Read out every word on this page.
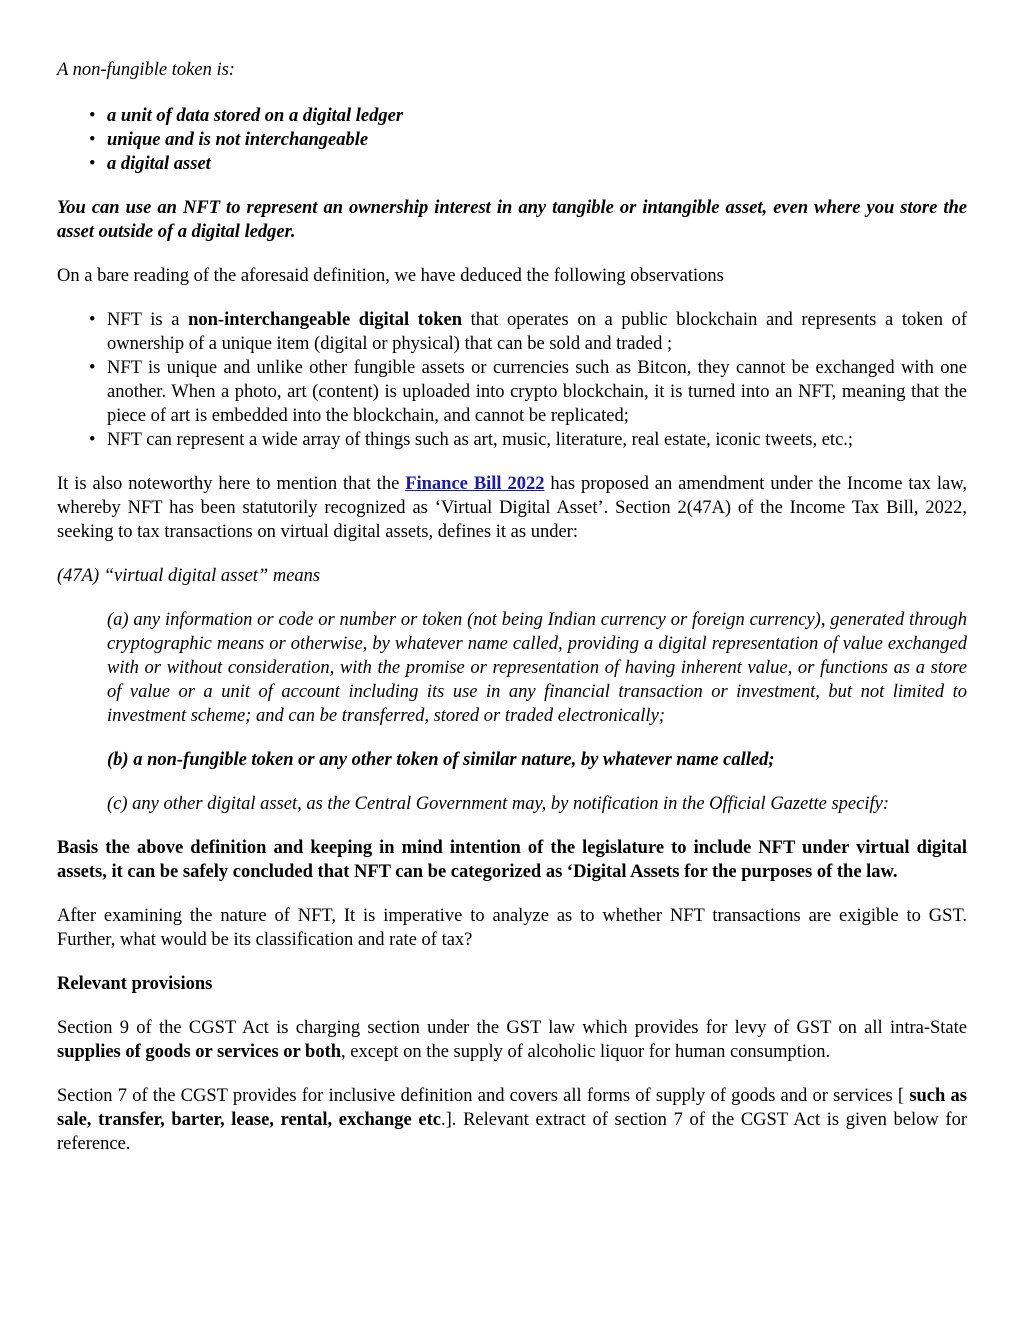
A non-fungible token is:

• a unit of data stored on a digital ledger
• unique and is not interchangeable
• a digital asset

You can use an NFT to represent an ownership interest in any tangible or intangible asset, even where you store the asset outside of a digital ledger.

On a bare reading of the aforesaid definition, we have deduced the following observations

• NFT is a non-interchangeable digital token that operates on a public blockchain and represents a token of ownership of a unique item (digital or physical) that can be sold and traded ;
• NFT is unique and unlike other fungible assets or currencies such as Bitcon, they cannot be exchanged with one another. When a photo, art (content) is uploaded into crypto blockchain, it is turned into an NFT, meaning that the piece of art is embedded into the blockchain, and cannot be replicated;
• NFT can represent a wide array of things such as art, music, literature, real estate, iconic tweets, etc.;

It is also noteworthy here to mention that the Finance Bill 2022 has proposed an amendment under the Income tax law, whereby NFT has been statutorily recognized as ‘Virtual Digital Asset’. Section 2(47A) of the Income Tax Bill, 2022, seeking to tax transactions on virtual digital assets, defines it as under:

(47A) “virtual digital asset” means

(a) any information or code or number or token (not being Indian currency or foreign currency), generated through cryptographic means or otherwise, by whatever name called, providing a digital representation of value exchanged with or without consideration, with the promise or representation of having inherent value, or functions as a store of value or a unit of account including its use in any financial transaction or investment, but not limited to investment scheme; and can be transferred, stored or traded electronically;

(b) a non-fungible token or any other token of similar nature, by whatever name called;

(c) any other digital asset, as the Central Government may, by notification in the Official Gazette specify:

Basis the above definition and keeping in mind intention of the legislature to include NFT under virtual digital assets, it can be safely concluded that NFT can be categorized as ‘Digital Assets for the purposes of the law.

After examining the nature of NFT, It is imperative to analyze as to whether NFT transactions are exigible to GST. Further, what would be its classification and rate of tax?

Relevant provisions

Section 9 of the CGST Act is charging section under the GST law which provides for levy of GST on all intra-State supplies of goods or services or both, except on the supply of alcoholic liquor for human consumption.

Section 7 of the CGST provides for inclusive definition and covers all forms of supply of goods and or services [ such as sale, transfer, barter, lease, rental, exchange etc.]. Relevant extract of section 7 of the CGST Act is given below for reference.
